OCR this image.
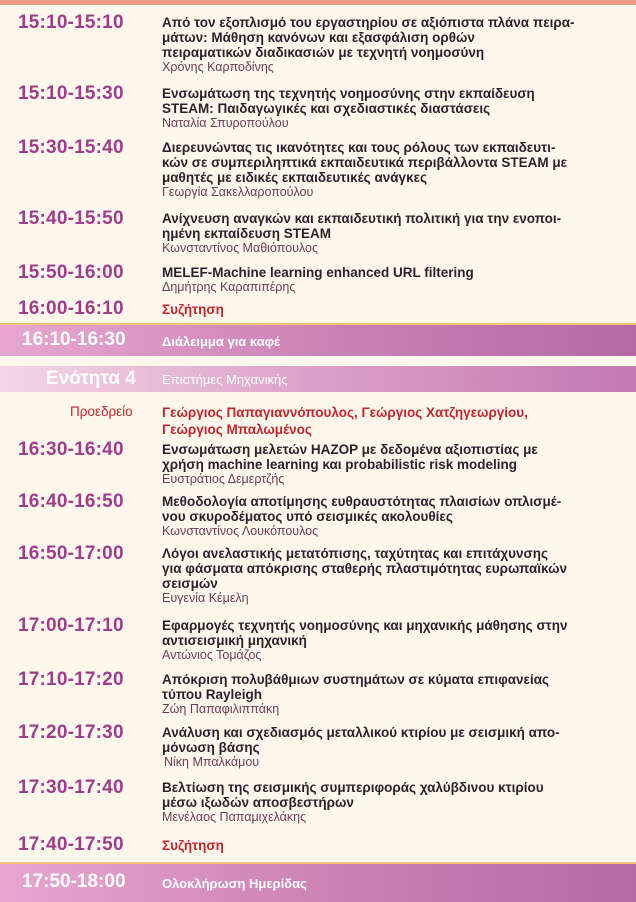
15:10-15:10	Από τον εξοπλισμό του εργαστηρίου σε αξιόπιστα πλάνα πειρα-
μάτων: Μάθηση κανόνων και εξασφάλιση ορθών
πειραματικών διαδικασιών με τεχνητή νοημοσύνη
Χρόνης Καρποδίνης
15:10-15:30	Ενσωμάτωση της τεχνητής νοημοσύνης στην εκπαίδευση
STEAM: Παιδαγωγικές και σχεδιαστικές διαστάσεις
Ναταλία Σπυροπούλου
15:30-15:40	Διερευνώντας τις ικανότητες και τους ρόλους των εκπαιδευτι-
κών σε συμπεριληπτικά εκπαιδευτικά περιβάλλοντα STEAM με
μαθητές με ειδικές εκπαιδευτικές ανάγκες
Γεωργία Σακελλαροπούλου
15:40-15:50	Ανίχνευση αναγκών και εκπαιδευτική πολιτική για την ενοποι-
ημένη εκπαίδευση STEAM
Κωνσταντίνος Μαθιόπουλος
15:50-16:00	MELEF-Machine learning enhanced URL filtering
Δημήτρης Καραπιπέρης
16:00-16:10	Συζήτηση
16:10-16:30	Διάλειμμα για καφέ
Ενότητα 4 Επιστήμες Μηχανικής
Προεδρείο Γεώργιος Παπαγιαννόπουλος, Γεώργιος Χατζηγεωργίου,
Γεώργιος Μπαλωμένος
16:30-16:40	Ενσωμάτωση μελετών HAZOP με δεδομένα αξιοπιστίας με
χρήση machine learning και probabilistic risk modeling
Ευστράτιος Δεμερτζής
16:40-16:50	Μεθοδολογία αποτίμησης ευθραυστότητας πλαισίων οπλισμέ-
νου σκυροδέματος υπό σεισμικές ακολουθίες
Κωνσταντίνος Λουκόπουλος
16:50-17:00	Λόγοι ανελαστικής μετατόπισης, ταχύτητας και επιτάχυνσης
για φάσματα απόκρισης σταθερής πλαστιμότητας ευρωπαϊκών
σεισμών
Ευγενία Κέμελη
17:00-17:10	Εφαρμογές τεχνητής νοημοσύνης και μηχανικής μάθησης στην
αντισεισμική μηχανική
Αντώνιος Τομάζος
17:10-17:20	Απόκριση πολυβάθμιων συστημάτων σε κύματα επιφανείας
τύπου Rayleigh
Ζώη Παπαφιλιππάκη
17:20-17:30	Ανάλυση και σχεδιασμός μεταλλικού κτιρίου με σεισμική απο-
μόνωση βάσης
Νίκη Μπαλκάμου
17:30-17:40	Βελτίωση της σεισμικής συμπεριφοράς χαλύβδινου κτιρίου
μέσω ιξωδών αποσβεστήρων
Μενέλαος Παπαμιχελάκης
17:40-17:50	Συζήτηση
17:50-18:00	Ολοκλήρωση Ημερίδας
